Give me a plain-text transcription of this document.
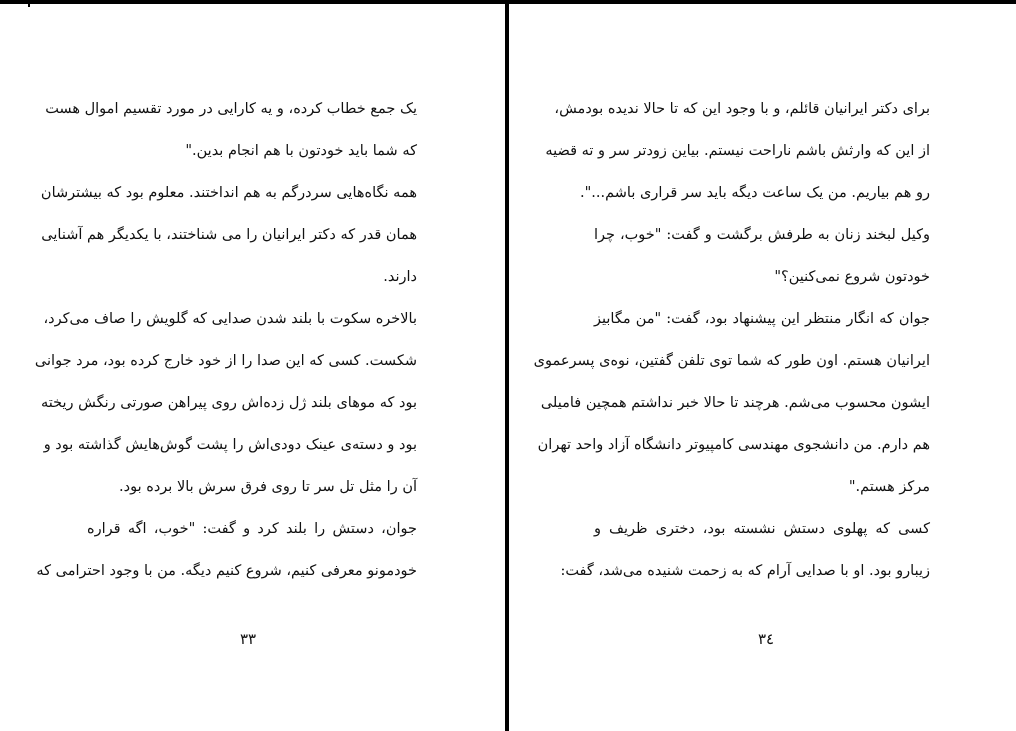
یک جمع خطاب کرده، و یه کارایی در مورد تقسیم اموال هست
که شما باید خودتون با هم انجام بدین."
همه نگاه‌هایی سردرگم به هم انداختند. معلوم بود که بیشترشان
همان قدر که دکتر ایرانیان را می شناختند، با یکدیگر هم آشنایی
دارند.
بالاخره سکوت با بلند شدن صدایی که گلویش را صاف می‌کرد،
شکست. کسی که این صدا را از خود خارج کرده بود، مرد جوانی
بود که موهای بلند ژل زده‌اش روی پیراهن صورتی رنگش ریخته
بود و دسته‌ی عینک دودی‌اش را پشت گوش‌هایش گذاشته بود و
آن را مثل تل سر تا روی فرق سرش بالا برده بود.
جوان، دستش را بلند کرد و گفت: "خوب، اگه قراره
خودمونو معرفی کنیم، شروع کنیم دیگه. من با وجود احترامی که
۳۳
برای دکتر ایرانیان قائلم، و با وجود این که تا حالا ندیده بودمش،
از این که وارثش باشم ناراحت نیستم. بیاین زودتر سر و ته قضیه
رو هم بیاریم. من یک ساعت دیگه باید سر قراری باشم...".
وکیل لبخند زنان به طرفش برگشت و گفت: "خوب، چرا
خودتون شروع نمی‌کنین؟"
جوان که انگار منتظر این پیشنهاد بود، گفت: "من مگابیز
ایرانیان هستم. اون طور که شما توی تلفن گفتین، نوه‌ی پسرعموی
ایشون محسوب می‌شم. هرچند تا حالا خبر نداشتم همچین فامیلی
هم دارم. من دانشجوی مهندسی کامپیوتر دانشگاه آزاد واحد تهران
مرکز هستم."
کسی که پهلوی دستش نشسته بود، دختری ظریف و
زیبارو بود. او با صدایی آرام که به زحمت شنیده می‌شد، گفت:
۳٤
